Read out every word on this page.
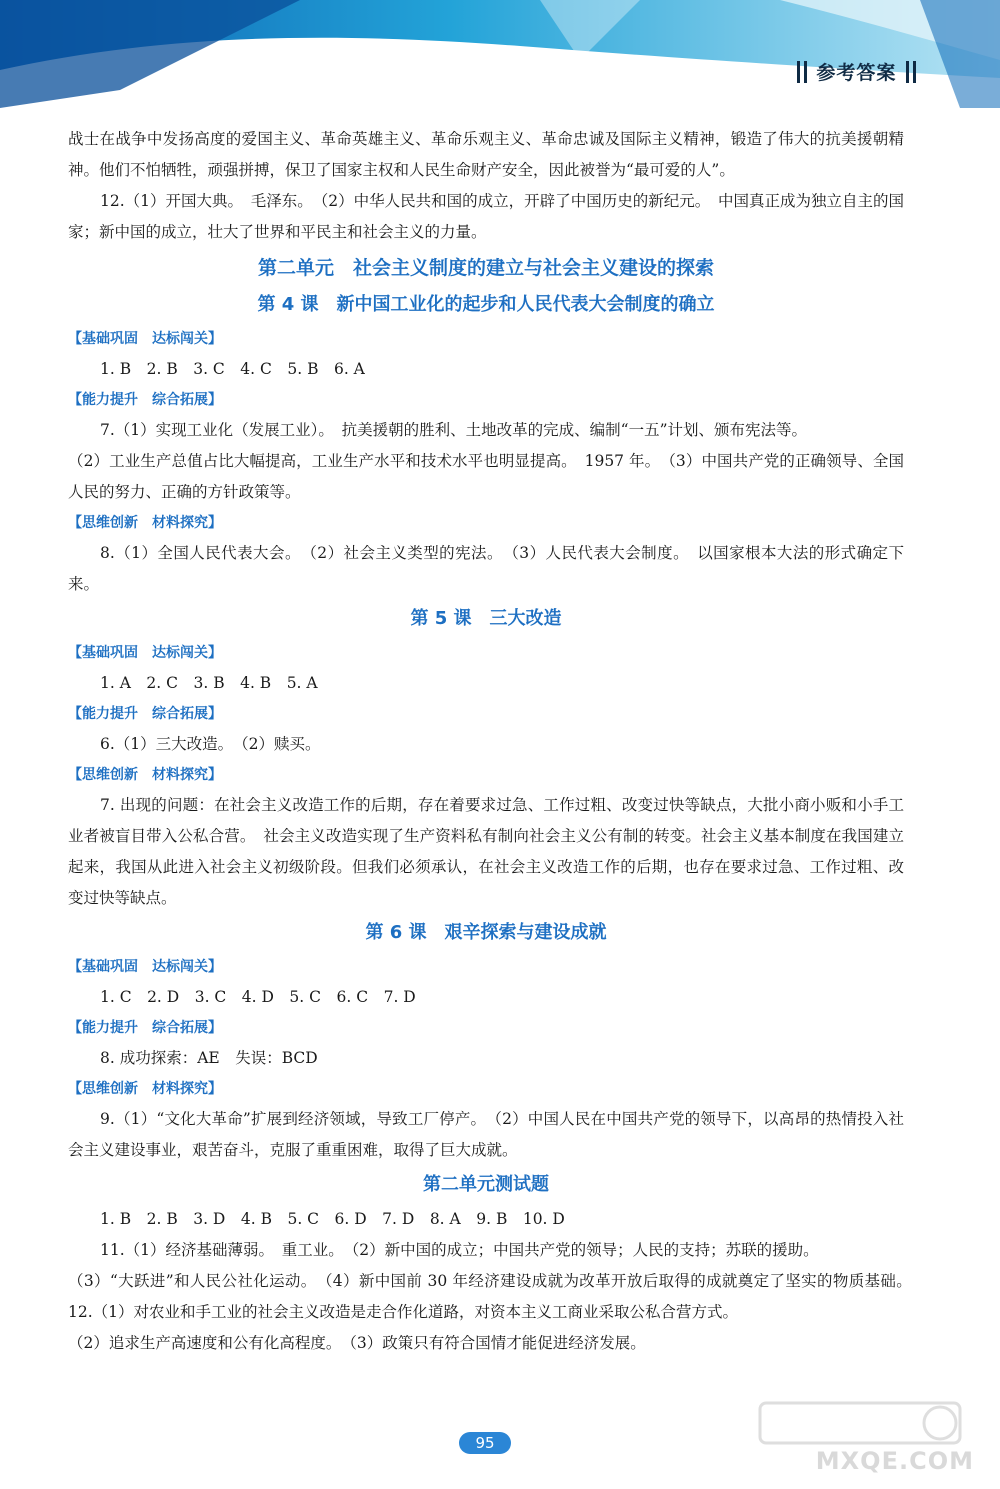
参考答案

战士在战争中发扬高度的爱国主义、革命英雄主义、革命乐观主义、革命忠诚及国际主义精神，锻造了伟大的抗美援朝精神。他们不怕牺牲，顽强拼搏，保卫了国家主权和人民生命财产安全，因此被誉为“最可爱的人”。

12.（1）开国大典。　毛泽东。　（2）中华人民共和国的成立，开辟了中国历史的新纪元。　中国真正成为独立自主的国家；新中国的成立，壮大了世界和平民主和社会主义的力量。

第二单元　社会主义制度的建立与社会主义建设的探索

第 4 课　新中国工业化的起步和人民代表大会制度的确立

【基础巩固　达标闯关】

1. B　2. B　3. C　4. C　5. B　6. A

【能力提升　综合拓展】

7.（1）实现工业化（发展工业）。　抗美援朝的胜利、土地改革的完成、编制“一五”计划、颁布宪法等。

（2）工业生产总值占比大幅提高，工业生产水平和技术水平也明显提高。　1957 年。　（3）中国共产党的正确领导、全国人民的努力、正确的方针政策等。

【思维创新　材料探究】

8.（1）全国人民代表大会。　（2）社会主义类型的宪法。　（3）人民代表大会制度。　以国家根本大法的形式确定下来。

第 5 课　三大改造

【基础巩固　达标闯关】

1. A　2. C　3. B　4. B　5. A

【能力提升　综合拓展】

6.（1）三大改造。　（2）赎买。

【思维创新　材料探究】

7. 出现的问题：在社会主义改造工作的后期，存在着要求过急、工作过粗、改变过快等缺点，大批小商小贩和小手工业者被盲目带入公私合营。　社会主义改造实现了生产资料私有制向社会主义公有制的转变。社会主义基本制度在我国建立起来，我国从此进入社会主义初级阶段。但我们必须承认，在社会主义改造工作的后期，也存在要求过急、工作过粗、改变过快等缺点。

第 6 课　艰辛探索与建设成就

【基础巩固　达标闯关】

1. C　2. D　3. C　4. D　5. C　6. C　7. D

【能力提升　综合拓展】

8. 成功探索：AE　失误：BCD

【思维创新　材料探究】

9.（1）“文化大革命”扩展到经济领域，导致工厂停产。　（2）中国人民在中国共产党的领导下，以高昂的热情投入社会主义建设事业，艰苦奋斗，克服了重重困难，取得了巨大成就。

第二单元测试题

1. B　2. B　3. D　4. B　5. C　6. D　7. D　8. A　9. B　10. D

11.（1）经济基础薄弱。　重工业。　（2）新中国的成立；中国共产党的领导；人民的支持；苏联的援助。

（3）“大跃进”和人民公社化运动。　（4）新中国前 30 年经济建设成就为改革开放后取得的成就奠定了坚实的物质基础。　12.（1）对农业和手工业的社会主义改造是走合作化道路，对资本主义工商业采取公私合营方式。

（2）追求生产高速度和公有化高程度。　（3）政策只有符合国情才能促进经济发展。

95
MXQE.COM
